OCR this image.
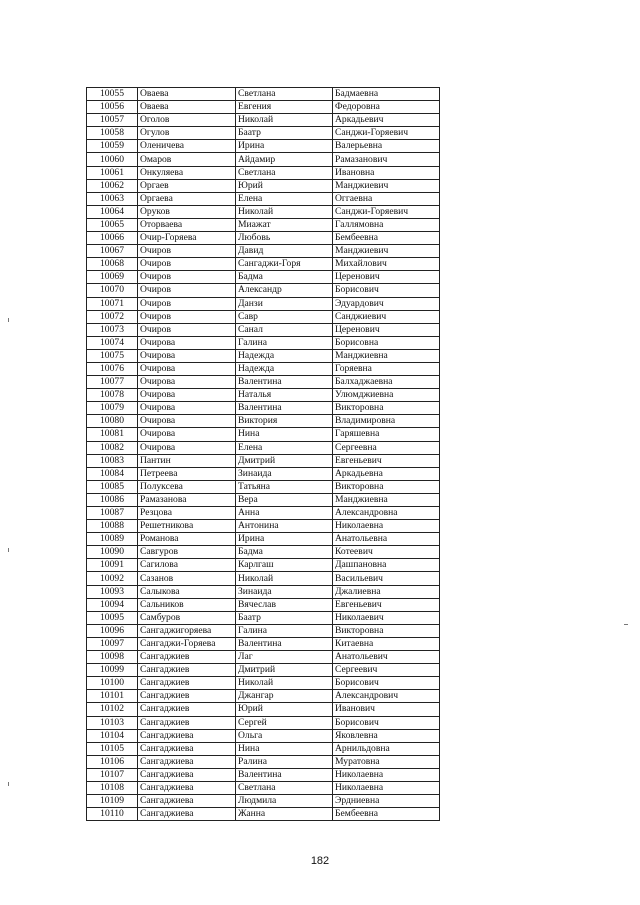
10055	Оваева	Светлана	Бадмаевна
10056	Оваева	Евгения	Федоровна
10057	Оголов	Николай	Аркадьевич
10058	Огулов	Баатр	Санджи-Горяевич
10059	Оленичева	Ирина	Валерьевна
10060	Омаров	Айдамир	Рамазанович
10061	Онкуляева	Светлана	Ивановна
10062	Оргаев	Юрий	Манджиевич
10063	Оргаева	Елена	Оггаевна
10064	Оруков	Николай	Санджи-Горяевич
10065	Оторваева	Миажат	Галлямовна
10066	Очир-Горяева	Любовь	Бембеевна
10067	Очиров	Давид	Манджиевич
10068	Очиров	Сангаджи-Горя	Михайлович
10069	Очиров	Бадма	Церенович
10070	Очиров	Александр	Борисович
10071	Очиров	Данзи	Эдуардович
10072	Очиров	Савр	Санджиевич
10073	Очиров	Санал	Церенович
10074	Очирова	Галина	Борисовна
10075	Очирова	Надежда	Манджиевна
10076	Очирова	Надежда	Горяевна
10077	Очирова	Валентина	Балхаджаевна
10078	Очирова	Наталья	Улюмджиевна
10079	Очирова	Валентина	Викторовна
10080	Очирова	Виктория	Владимировна
10081	Очирова	Нина	Гаряшевна
10082	Очирова	Елена	Сергеевна
10083	Пантин	Дмитрий	Евгеньевич
10084	Петреева	Зинаида	Аркадьевна
10085	Полуксева	Татьяна	Викторовна
10086	Рамазанова	Вера	Манджиевна
10087	Резцова	Анна	Александровна
10088	Решетникова	Антонина	Николаевна
10089	Романова	Ирина	Анатольевна
10090	Савгуров	Бадма	Котеевич
10091	Сагилова	Карлгаш	Дашпановна
10092	Сазанов	Николай	Васильевич
10093	Салыкова	Зинаида	Джалиевна
10094	Сальников	Вячеслав	Евгеньевич
10095	Самбуров	Баатр	Николаевич
10096	Сангаджигоряева	Галина	Викторовна
10097	Сангаджи-Горяева	Валентина	Китаевна
10098	Сангаджиев	Лаг	Анатольевич
10099	Сангаджиев	Дмитрий	Сергеевич
10100	Сангаджиев	Николай	Борисович
10101	Сангаджиев	Джангар	Александрович
10102	Сангаджиев	Юрий	Иванович
10103	Сангаджиев	Сергей	Борисович
10104	Сангаджиева	Ольга	Яковлевна
10105	Сангаджиева	Нина	Арнильдовна
10106	Сангаджиева	Ралина	Муратовна
10107	Сангаджиева	Валентина	Николаевна
10108	Сангаджиева	Светлана	Николаевна
10109	Сангаджиева	Людмила	Эрдниевна
10110	Сангаджиева	Жанна	Бембеевна
182
